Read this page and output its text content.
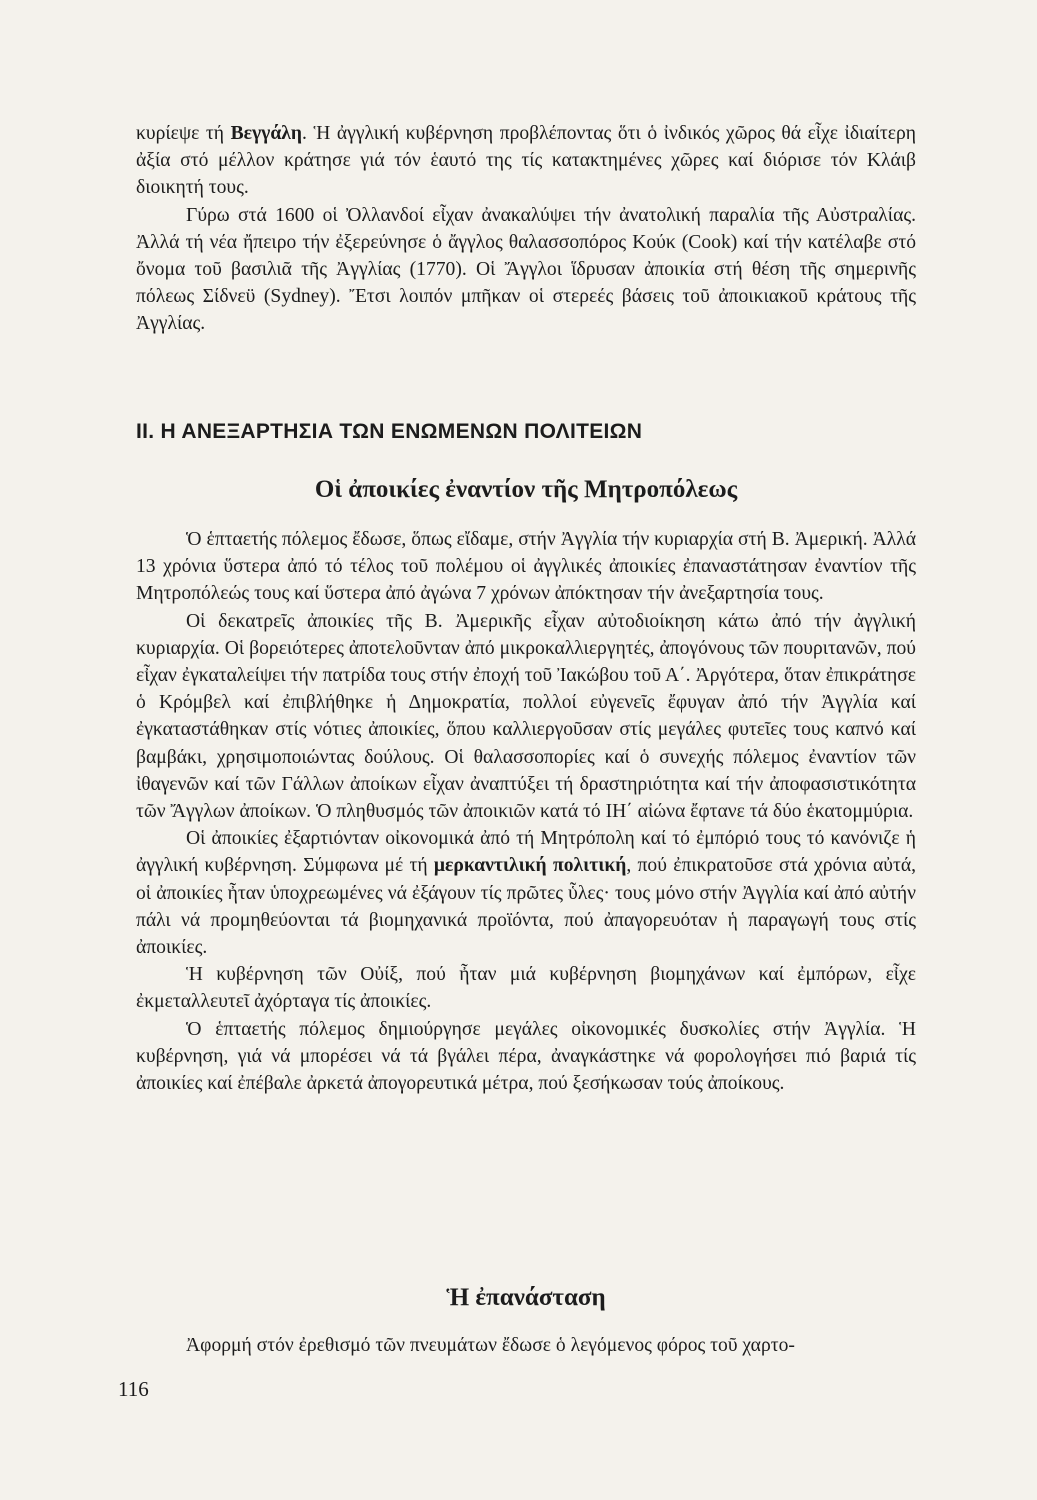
κυρίεψε τή Βεγγάλη. Ἡ ἀγγλική κυβέρνηση προβλέποντας ὅτι ὁ ἰνδικός χῶρος θά εἶχε ἰδιαίτερη ἀξία στό μέλλον κράτησε γιά τόν ἑαυτό της τίς κατακτημένες χῶρες καί διόρισε τόν Κλάιβ διοικητή τους.

Γύρω στά 1600 οἱ Ὀλλανδοί εἶχαν ἀνακαλύψει τήν ἀνατολική παραλία τῆς Αὐστραλίας. Ἀλλά τή νέα ἤπειρο τήν ἐξερεύνησε ὁ ἄγγλος θαλασσοπόρος Κούκ (Cook) καί τήν κατέλαβε στό ὄνομα τοῦ βασιλιᾶ τῆς Ἀγγλίας (1770). Οἱ Ἄγγλοι ἵδρυσαν ἀποικία στή θέση τῆς σημερινῆς πόλεως Σίδνεϋ (Sydney). Ἔτσι λοιπόν μπῆκαν οἱ στερεές βάσεις τοῦ ἀποικιακοῦ κράτους τῆς Ἀγγλίας.

II. Η ΑΝΕΞΑΡΤΗΣΙΑ ΤΩΝ ΕΝΩΜΕΝΩΝ ΠΟΛΙΤΕΙΩΝ
Οἱ ἀποικίες ἐναντίον τῆς Μητροπόλεως

Ὁ ἑπταετής πόλεμος ἔδωσε, ὅπως εἴδαμε, στήν Ἀγγλία τήν κυριαρχία στή Β. Ἀμερική. Ἀλλά 13 χρόνια ὕστερα ἀπό τό τέλος τοῦ πολέμου οἱ ἀγγλικές ἀποικίες ἐπαναστάτησαν ἐναντίον τῆς Μητροπόλεώς τους καί ὕστερα ἀπό ἀγώνα 7 χρόνων ἀπόκτησαν τήν ἀνεξαρτησία τους.

Οἱ δεκατρεῖς ἀποικίες τῆς Β. Ἀμερικῆς εἶχαν αὐτοδιοίκηση κάτω ἀπό τήν ἀγγλική κυριαρχία. Οἱ βορειότερες ἀποτελοῦνταν ἀπό μικροκαλλιεργητές, ἀπογόνους τῶν πουριτανῶν, πού εἶχαν ἐγκαταλείψει τήν πατρίδα τους στήν ἐποχή τοῦ Ἰακώβου τοῦ Α΄. Ἀργότερα, ὅταν ἐπικράτησε ὁ Κρόμβελ καί ἐπιβλήθηκε ἡ Δημοκρατία, πολλοί εὐγενεῖς ἔφυγαν ἀπό τήν Ἀγγλία καί ἐγκαταστάθηκαν στίς νότιες ἀποικίες, ὅπου καλλιεργοῦσαν στίς μεγάλες φυτεῖες τους καπνό καί βαμβάκι, χρησιμοποιώντας δούλους. Οἱ θαλασσοπορίες καί ὁ συνεχής πόλεμος ἐναντίον τῶν ἰθαγενῶν καί τῶν Γάλλων ἀποίκων εἶχαν ἀναπτύξει τή δραστηριότητα καί τήν ἀποφασιστικότητα τῶν Ἄγγλων ἀποίκων. Ὁ πληθυσμός τῶν ἀποικιῶν κατά τό ΙΗ΄ αἰώνα ἔφτανε τά δύο ἑκατομμύρια.

Οἱ ἀποικίες ἐξαρτιόνταν οἰκονομικά ἀπό τή Μητρόπολη καί τό ἐμπόριό τους τό κανόνιζε ἡ ἀγγλική κυβέρνηση. Σύμφωνα μέ τή μερκαντιλική πολιτική, πού ἐπικρατοῦσε στά χρόνια αὐτά, οἱ ἀποικίες ἦταν ὑποχρεωμένες νά ἐξάγουν τίς πρῶτες ὗλες· τους μόνο στήν Ἀγγλία καί ἀπό αὐτήν πάλι νά προμηθεύονται τά βιομηχανικά προϊόντα, πού ἀπαγορευόταν ἡ παραγωγή τους στίς ἀποικίες.

Ἡ κυβέρνηση τῶν Οὐίξ, πού ἦταν μιά κυβέρνηση βιομηχάνων καί ἐμπόρων, εἶχε ἐκμεταλλευτεῖ ἀχόρταγα τίς ἀποικίες.

Ὁ ἑπταετής πόλεμος δημιούργησε μεγάλες οἰκονομικές δυσκολίες στήν Ἀγγλία. Ἡ κυβέρνηση, γιά νά μπορέσει νά τά βγάλει πέρα, ἀναγκάστηκε νά φορολογήσει πιό βαριά τίς ἀποικίες καί ἐπέβαλε ἀρκετά ἀπογορευτικά μέτρα, πού ξεσήκωσαν τούς ἀποίκους.

Ἡ ἐπανάσταση

Ἀφορμή στόν ἐρεθισμό τῶν πνευμάτων ἔδωσε ὁ λεγόμενος φόρος τοῦ χαρτο-

116
